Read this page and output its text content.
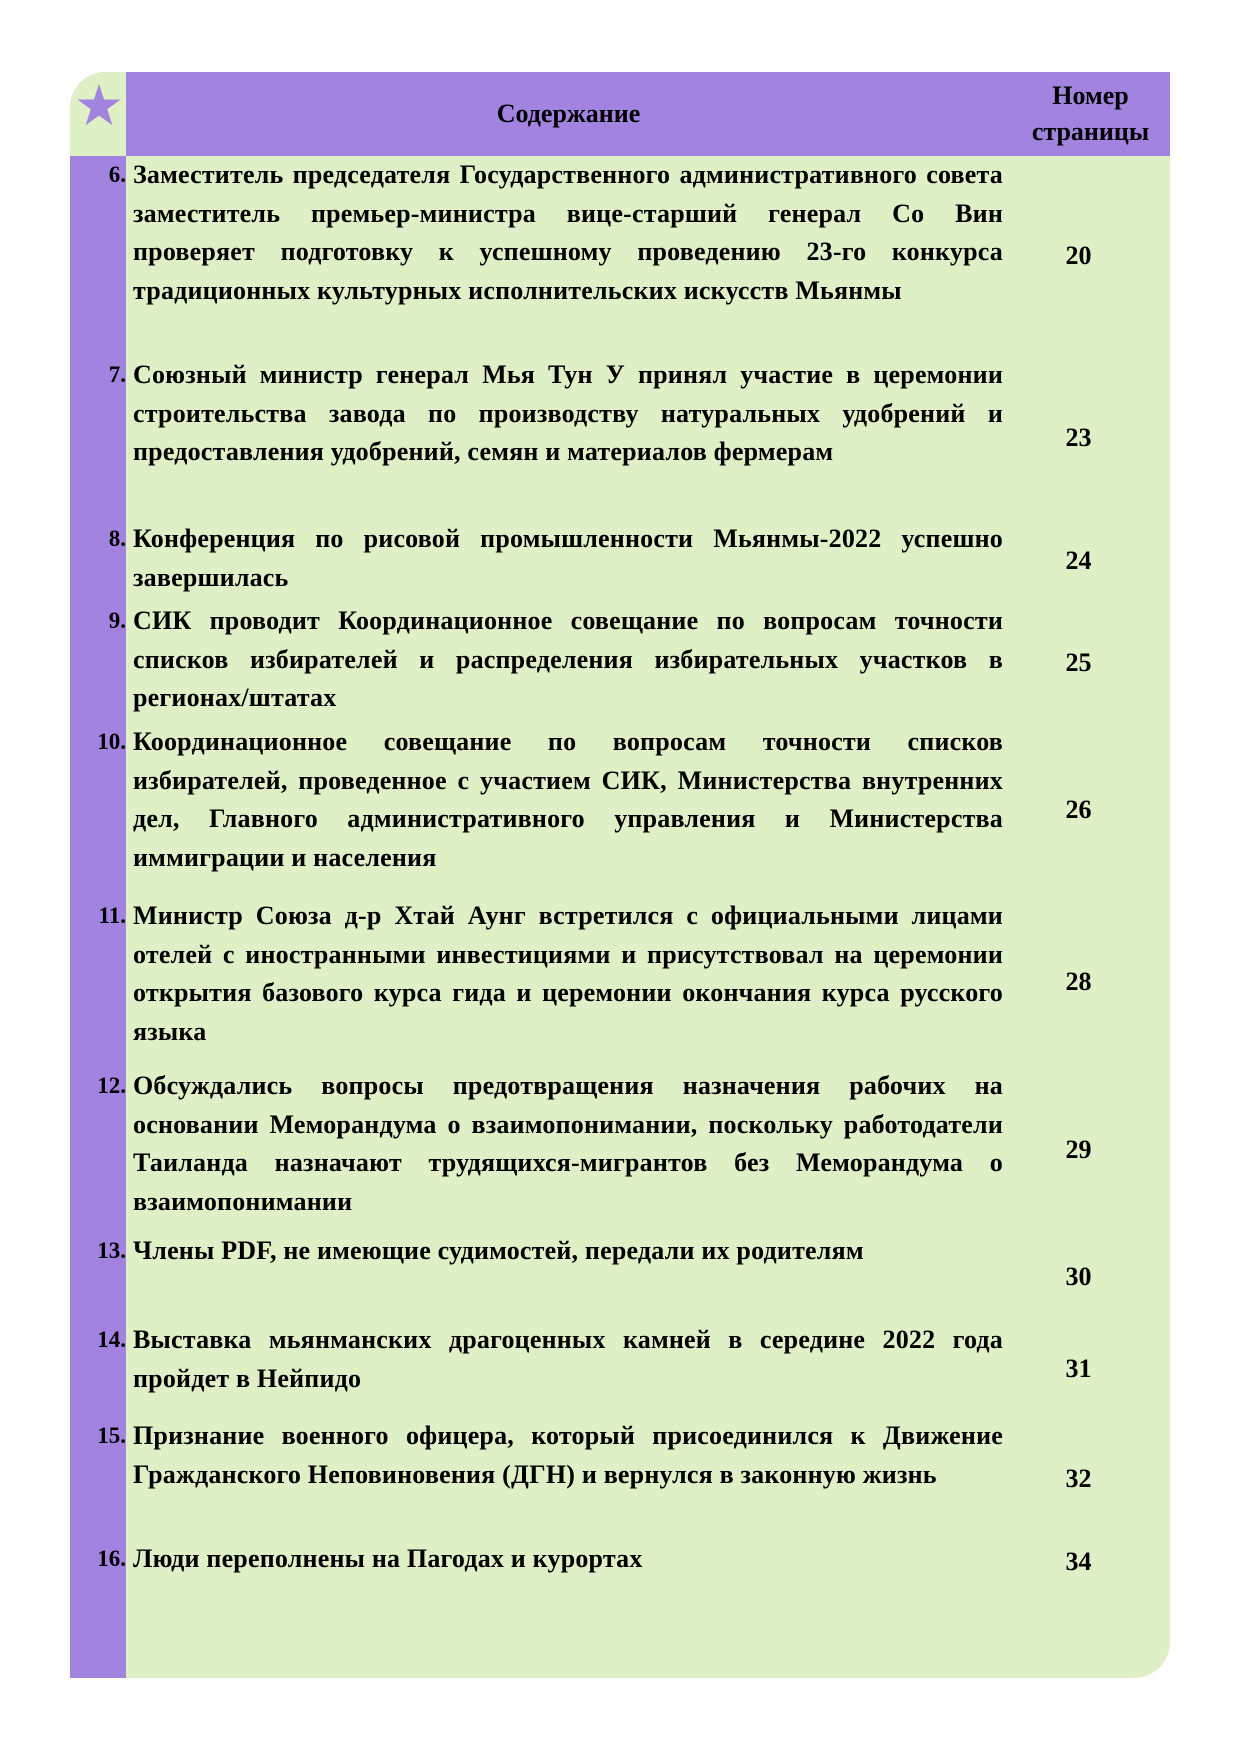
Содержание
Номер
страницы
6. Заместитель председателя Государственного административного совета заместитель премьер-министра вице-старший генерал Со Вин проверяет подготовку к успешному проведению 23-го конкурса традиционных культурных исполнительских искусств Мьянмы
20
7. Союзный министр генерал Мья Тун У принял участие в церемонии строительства завода по производству натуральных удобрений и предоставления удобрений, семян и материалов фермерам	23
8. Конференция по рисовой промышленности Мьянмы-2022 успешно завершилась
24
9. СИК проводит Координационное совещание по вопросам точности списков избирателей и распределения избирательных участков в регионах/штатах
25
10. Координационное совещание по вопросам точности списков избирателей, проведенное с участием СИК, Министерства внутренних дел, Главного административного управления и Министерства иммиграции и населения
26
11. Министр Союза д-р Хтай Аунг встретился с официальными лицами отелей с иностранными инвестициями и присутствовал на церемонии открытия базового курса гида и церемонии окончания курса русского языка
28
12. Обсуждались вопросы предотвращения назначения рабочих на основании Меморандума о взаимопонимании, поскольку работодатели Таиланда назначают трудящихся-мигрантов без Меморандума о взаимопонимании
29
13. Члены PDF, не имеющие судимостей, передали их родителям
30
14. Выставка мьянманских драгоценных камней в середине 2022 года пройдет в Нейпидо	31
15. Признание военного офицера, который присоединился к Движение Гражданского Неповиновения (ДГН) и вернулся в законную жизнь	32
16. Люди переполнены на Пагодах и курортах	34
